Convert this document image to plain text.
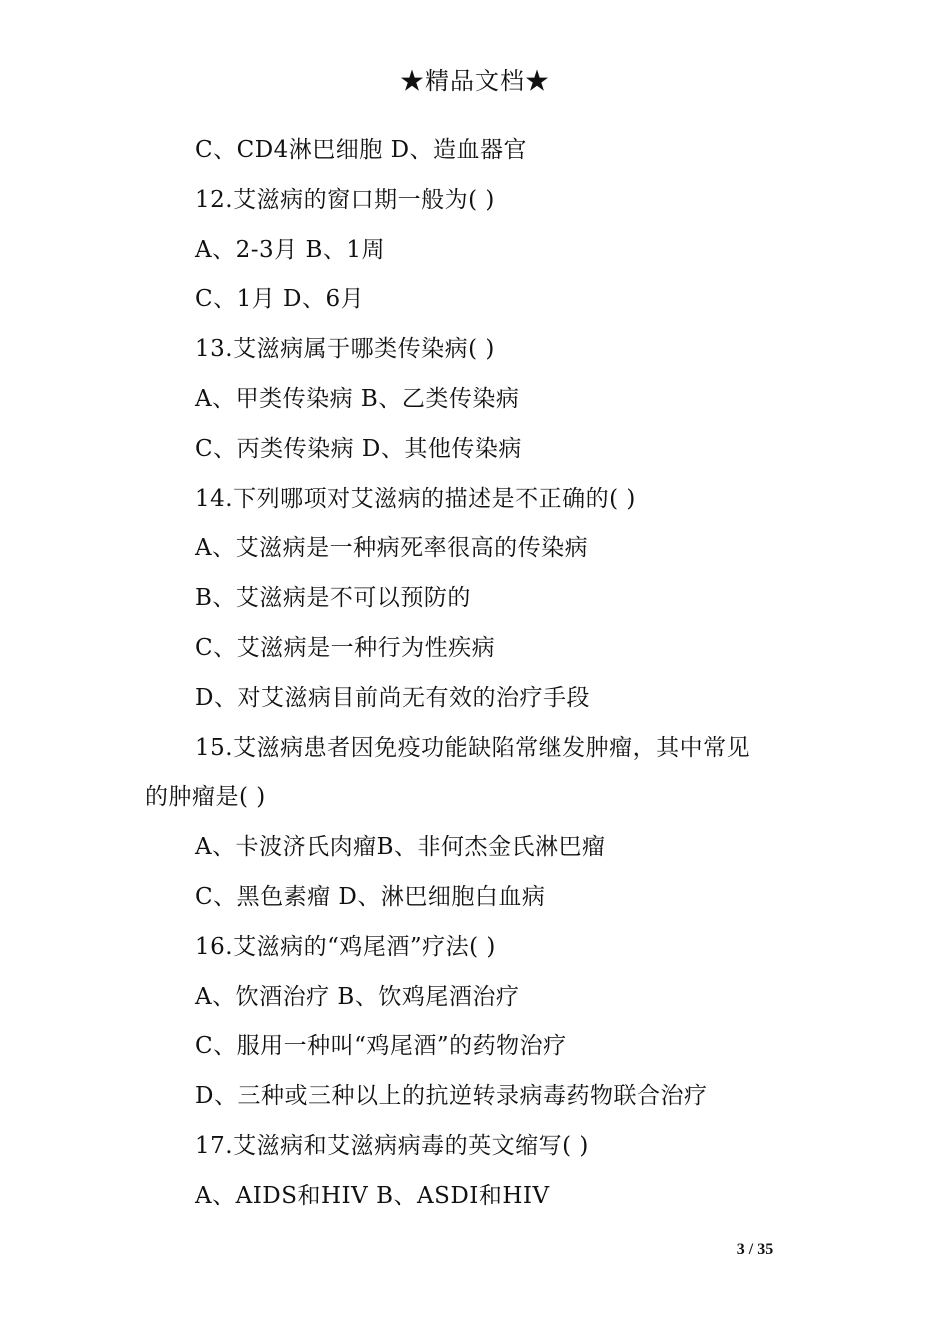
★精品文档★
C、CD4淋巴细胞 D、造血器官
12.艾滋病的窗口期一般为( )
A、2-3月 B、1周
C、1月 D、6月
13.艾滋病属于哪类传染病( )
A、甲类传染病 B、乙类传染病
C、丙类传染病 D、其他传染病
14.下列哪项对艾滋病的描述是不正确的( )
A、艾滋病是一种病死率很高的传染病
B、艾滋病是不可以预防的
C、艾滋病是一种行为性疾病
D、对艾滋病目前尚无有效的治疗手段
15.艾滋病患者因免疫功能缺陷常继发肿瘤，其中常见
的肿瘤是( )
A、卡波济氏肉瘤B、非何杰金氏淋巴瘤
C、黑色素瘤 D、淋巴细胞白血病
16.艾滋病的“鸡尾酒”疗法( )
A、饮酒治疗 B、饮鸡尾酒治疗
C、服用一种叫“鸡尾酒”的药物治疗
D、三种或三种以上的抗逆转录病毒药物联合治疗
17.艾滋病和艾滋病病毒的英文缩写( )
A、AIDS和HIV B、ASDI和HIV
3 / 35
